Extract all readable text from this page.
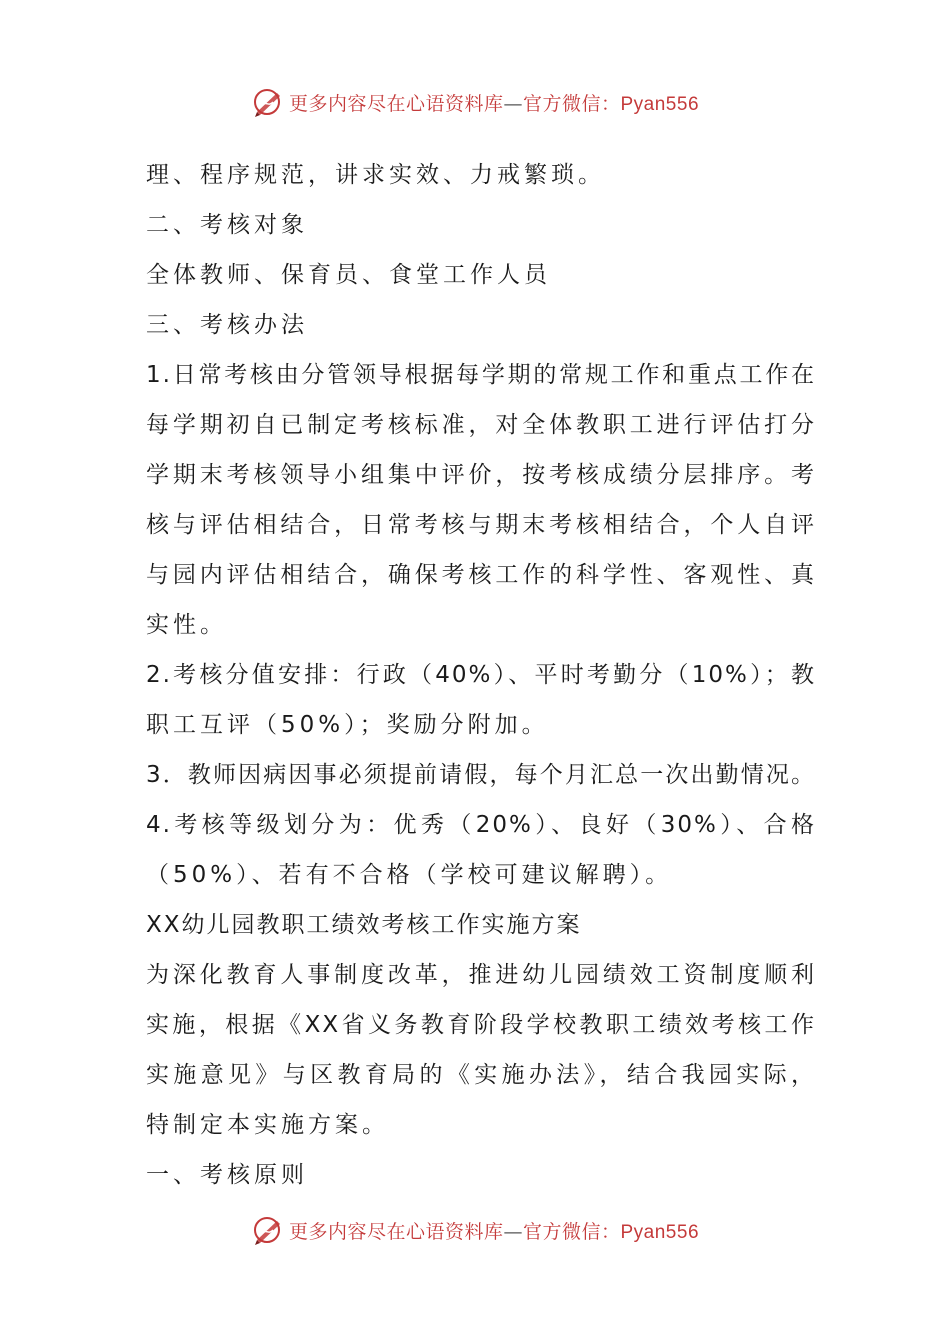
更多内容尽在心语资料库—官方微信：Pyan556
理、程序规范，讲求实效、力戒繁琐。
二、考核对象
全体教师、保育员、食堂工作人员
三、考核办法
1.日常考核由分管领导根据每学期的常规工作和重点工作在
每学期初自已制定考核标准，对全体教职工进行评估打分
学期末考核领导小组集中评价，按考核成绩分层排序。考
核与评估相结合，日常考核与期末考核相结合，个人自评
与园内评估相结合，确保考核工作的科学性、客观性、真
实性。
2.考核分值安排：行政（40%）、平时考勤分（10%）；教
职工互评（50%）；奖励分附加。
3．教师因病因事必须提前请假，每个月汇总一次出勤情况。
4.考核等级划分为：优秀（20%）、良好（30%）、合格
（50%）、若有不合格（学校可建议解聘）。
XX幼儿园教职工绩效考核工作实施方案
为深化教育人事制度改革，推进幼儿园绩效工资制度顺利
实施，根据《XX省义务教育阶段学校教职工绩效考核工作
实施意见》与区教育局的《实施办法》，结合我园实际，
特制定本实施方案。
一、考核原则
更多内容尽在心语资料库—官方微信：Pyan556
